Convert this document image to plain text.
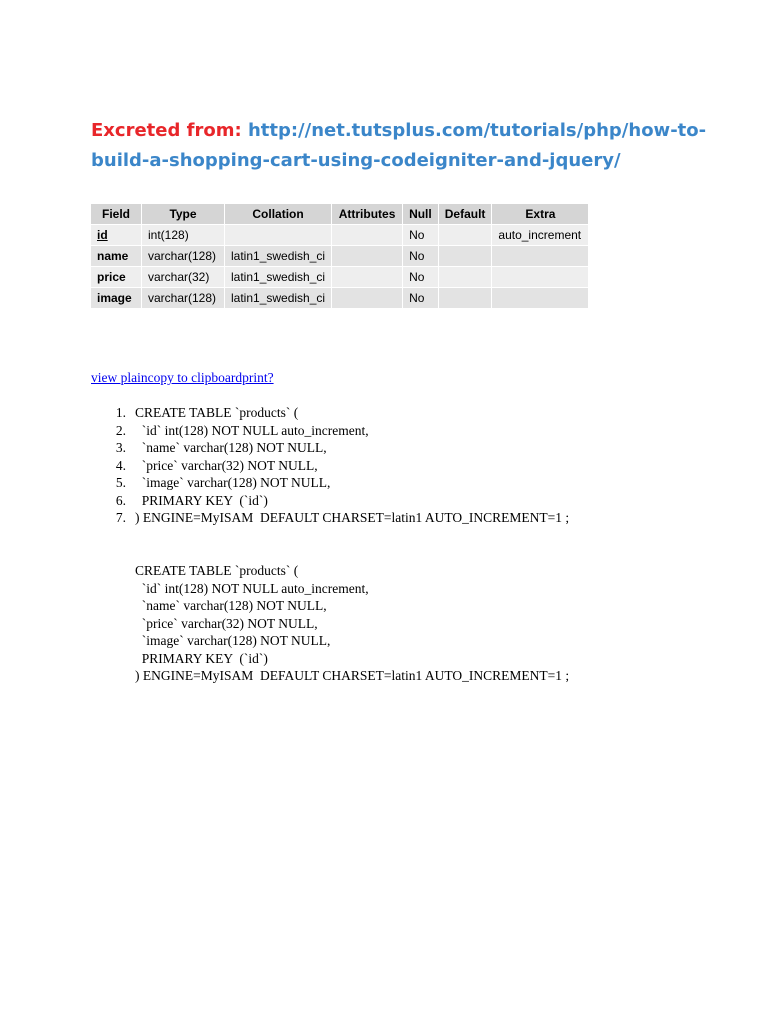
Excreted from: http://net.tutsplus.com/tutorials/php/how-to-build-a-shopping-cart-using-codeigniter-and-jquery/
Field	Type	Collation	Attributes	Null	Default	Extra
id	int(128)			No		auto_increment
name	varchar(128)	latin1_swedish_ci		No		
price	varchar(32)	latin1_swedish_ci		No		
image	varchar(128)	latin1_swedish_ci		No		
view plaincopy to clipboardprint?
1. CREATE TABLE `products` (
2. `id` int(128) NOT NULL auto_increment,
3. `name` varchar(128) NOT NULL,
4. `price` varchar(32) NOT NULL,
5. `image` varchar(128) NOT NULL,
6. PRIMARY KEY  (`id`)
7. ) ENGINE=MyISAM  DEFAULT CHARSET=latin1 AUTO_INCREMENT=1 ;
CREATE TABLE `products` (
`id` int(128) NOT NULL auto_increment,
`name` varchar(128) NOT NULL,
`price` varchar(32) NOT NULL,
`image` varchar(128) NOT NULL,
PRIMARY KEY  (`id`)
) ENGINE=MyISAM  DEFAULT CHARSET=latin1 AUTO_INCREMENT=1 ;
